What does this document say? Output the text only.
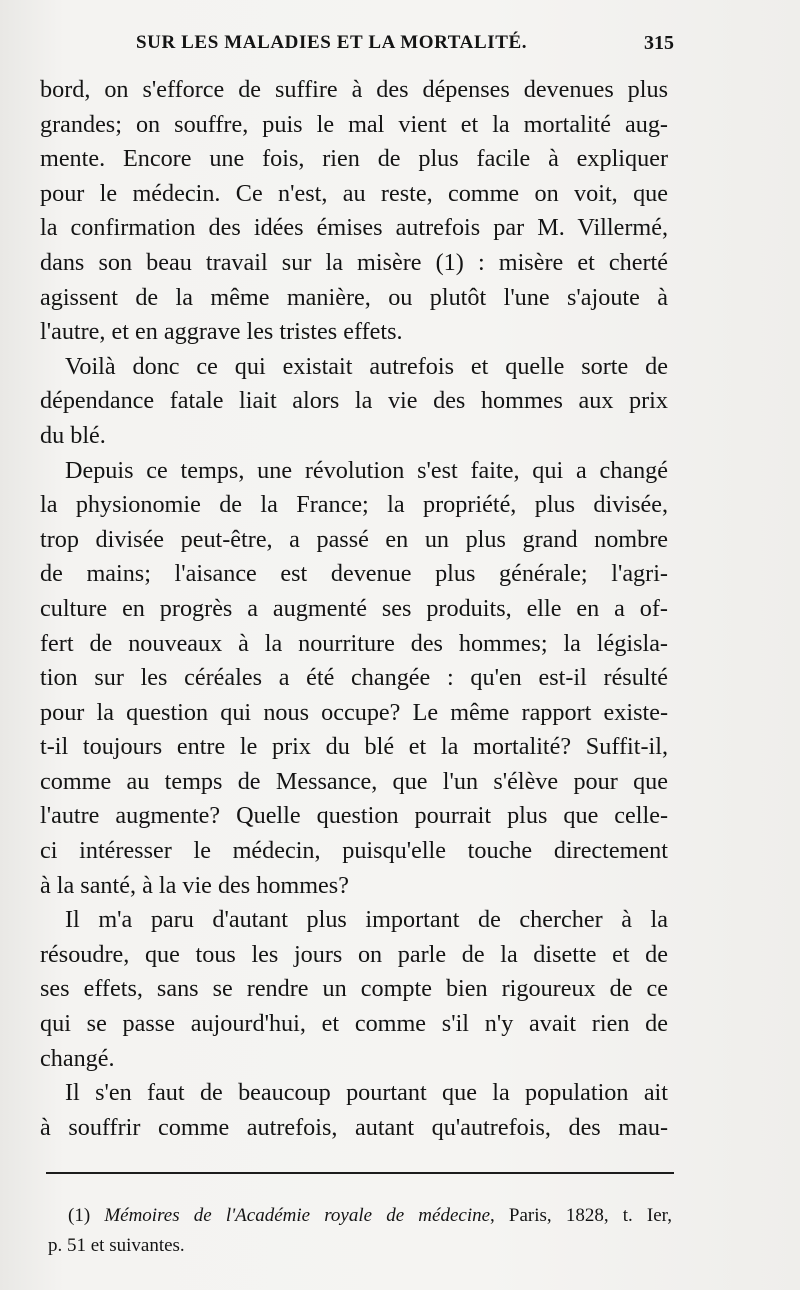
SUR LES MALADIES ET LA MORTALITÉ.	315
bord, on s'efforce de suffire à des dépenses devenues plus
grandes; on souffre, puis le mal vient et la mortalité aug-
mente. Encore une fois, rien de plus facile à expliquer
pour le médecin. Ce n'est, au reste, comme on voit, que
la confirmation des idées émises autrefois par M. Villermé,
dans son beau travail sur la misère (1) : misère et cherté
agissent de la même manière, ou plutôt l'une s'ajoute à
l'autre, et en aggrave les tristes effets.
Voilà donc ce qui existait autrefois et quelle sorte de
dépendance fatale liait alors la vie des hommes aux prix
du blé.
Depuis ce temps, une révolution s'est faite, qui a changé
la physionomie de la France; la propriété, plus divisée,
trop divisée peut-être, a passé en un plus grand nombre
de mains; l'aisance est devenue plus générale; l'agri-
culture en progrès a augmenté ses produits, elle en a of-
fert de nouveaux à la nourriture des hommes; la législa-
tion sur les céréales a été changée : qu'en est-il résulté
pour la question qui nous occupe? Le même rapport existe-
t-il toujours entre le prix du blé et la mortalité? Suffit-il,
comme au temps de Messance, que l'un s'élève pour que
l'autre augmente? Quelle question pourrait plus que celle-
ci intéresser le médecin, puisqu'elle touche directement
à la santé, à la vie des hommes?
Il m'a paru d'autant plus important de chercher à la
résoudre, que tous les jours on parle de la disette et de
ses effets, sans se rendre un compte bien rigoureux de ce
qui se passe aujourd'hui, et comme s'il n'y avait rien de
changé.
Il s'en faut de beaucoup pourtant que la population ait
à souffrir comme autrefois, autant qu'autrefois, des mau-
(1) Mémoires de l'Académie royale de médecine, Paris, 1828, t. Ier,
p. 51 et suivantes.
